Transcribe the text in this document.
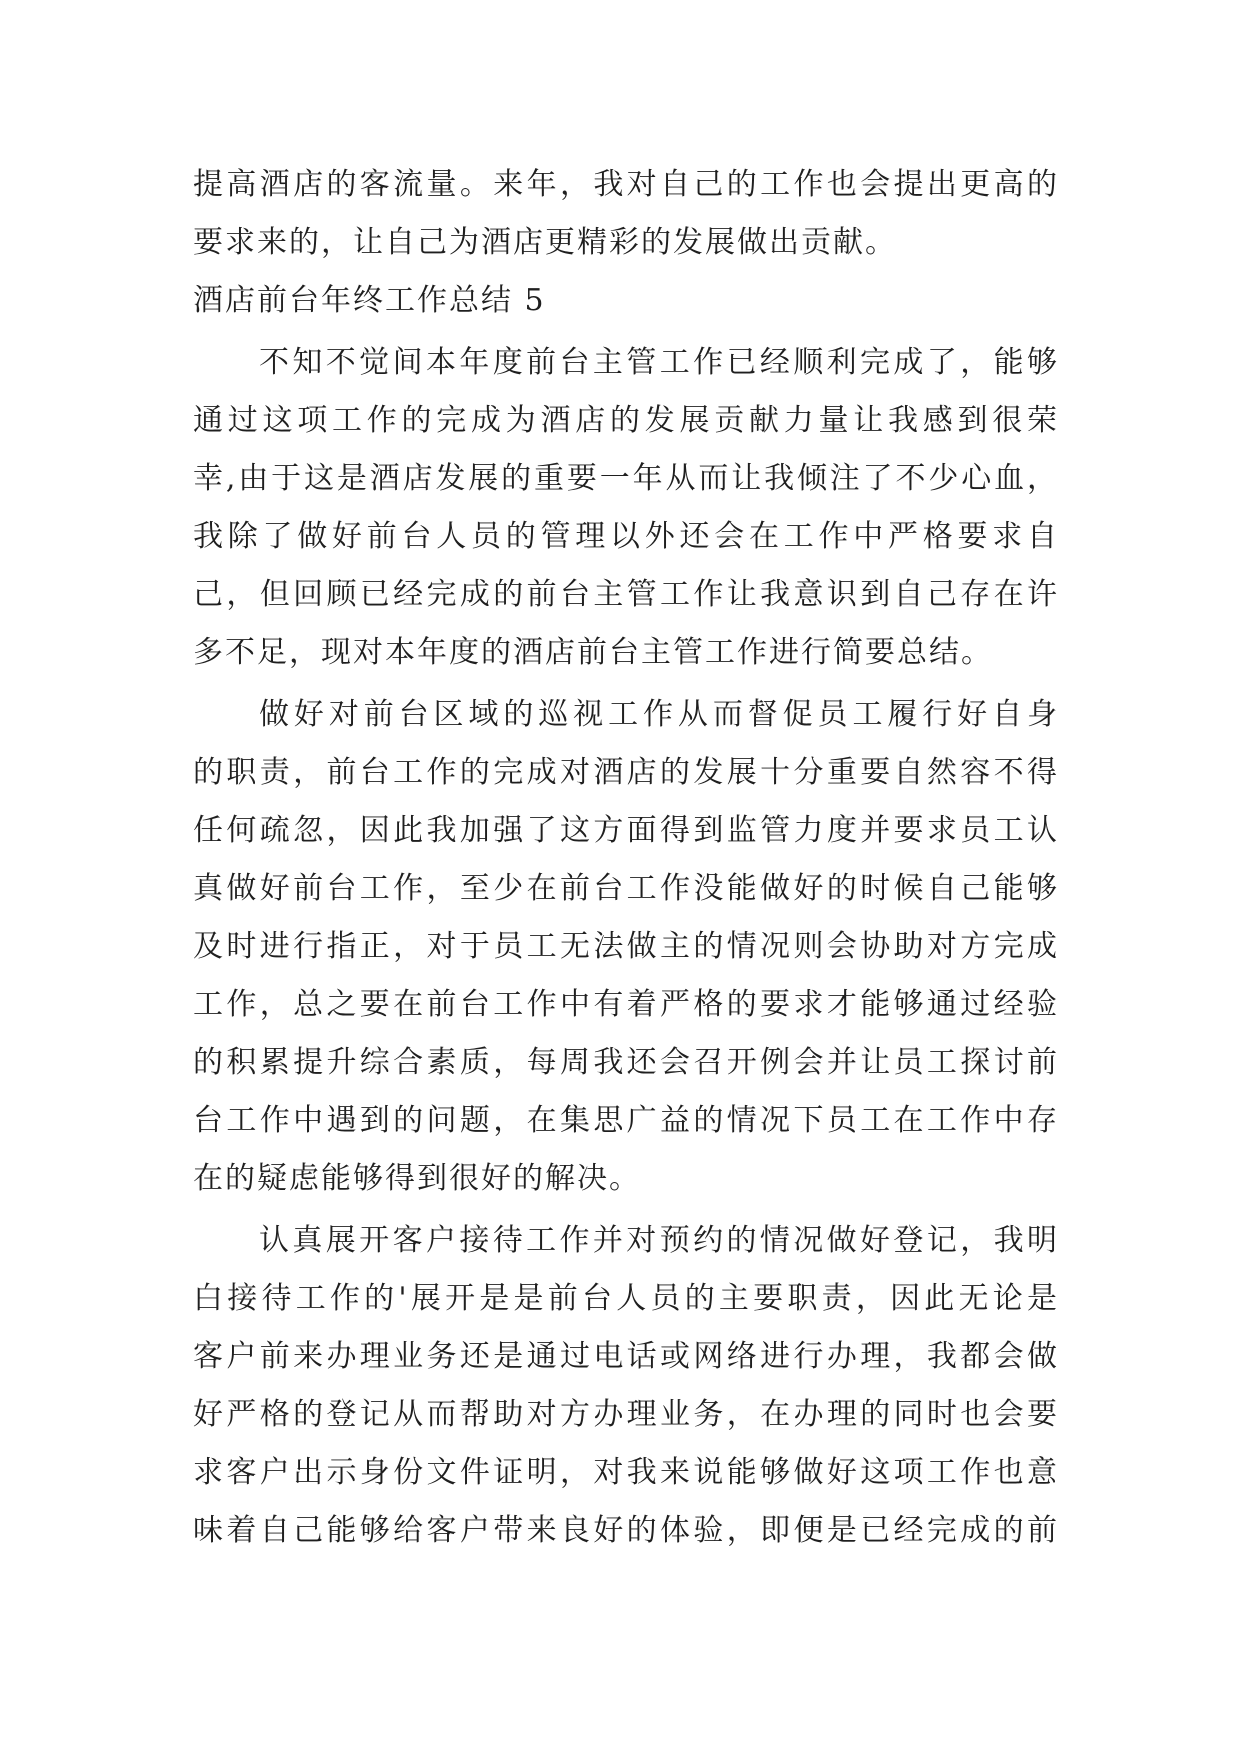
提高酒店的客流量。来年，我对自己的工作也会提出更高的
要求来的，让自己为酒店更精彩的发展做出贡献。
酒店前台年终工作总结 5
不知不觉间本年度前台主管工作已经顺利完成了，能够
通过这项工作的完成为酒店的发展贡献力量让我感到很荣
幸,由于这是酒店发展的重要一年从而让我倾注了不少心血，
我除了做好前台人员的管理以外还会在工作中严格要求自
己，但回顾已经完成的前台主管工作让我意识到自己存在许
多不足，现对本年度的酒店前台主管工作进行简要总结。
做好对前台区域的巡视工作从而督促员工履行好自身
的职责，前台工作的完成对酒店的发展十分重要自然容不得
任何疏忽，因此我加强了这方面得到监管力度并要求员工认
真做好前台工作，至少在前台工作没能做好的时候自己能够
及时进行指正，对于员工无法做主的情况则会协助对方完成
工作，总之要在前台工作中有着严格的要求才能够通过经验
的积累提升综合素质，每周我还会召开例会并让员工探讨前
台工作中遇到的问题，在集思广益的情况下员工在工作中存
在的疑虑能够得到很好的解决。
认真展开客户接待工作并对预约的情况做好登记，我明
白接待工作的'展开是是前台人员的主要职责，因此无论是
客户前来办理业务还是通过电话或网络进行办理，我都会做
好严格的登记从而帮助对方办理业务，在办理的同时也会要
求客户出示身份文件证明，对我来说能够做好这项工作也意
味着自己能够给客户带来良好的体验，即便是已经完成的前
